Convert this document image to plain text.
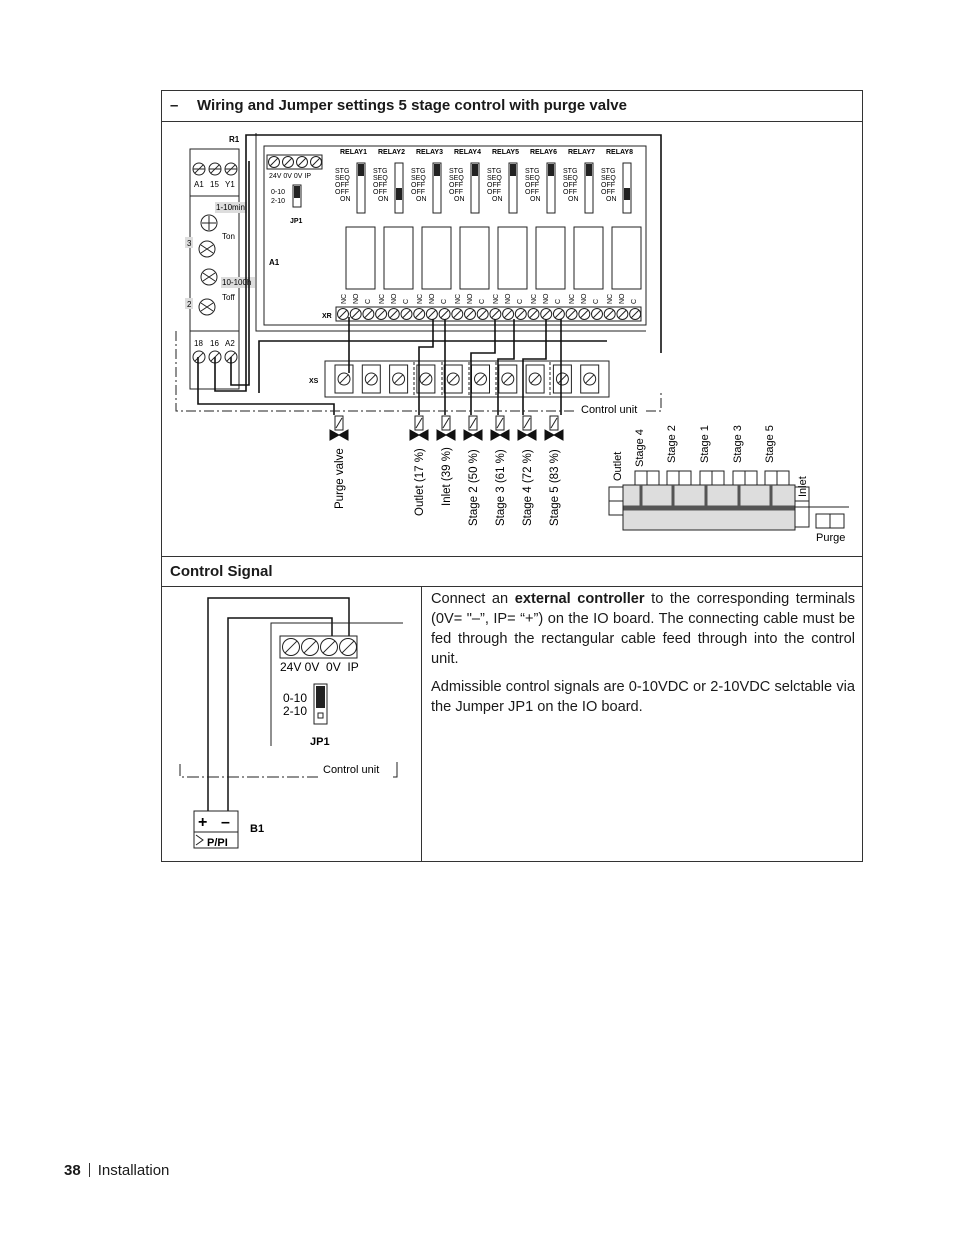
– Wiring and Jumper settings 5 stage control with purge valve
R1
A1 15 Y1
18 16 A2
1-10min
Ton
3
10-100h
Toff
2
A1
24V 0V 0V IP
0-10
2-10
JP1
RELAY1
STG
SEQ
OFF
OFF
ON
NC NO C
RELAY2
STG
SEQ
OFF
OFF
ON
NC NO C
RELAY3
STG
SEQ
OFF
OFF
ON
NC NO C
RELAY4
STG
SEQ
OFF
OFF
ON
NC NO C
RELAY5
STG
SEQ
OFF
OFF
ON
NC NO C
RELAY6
STG
SEQ
OFF
OFF
ON
NC NO C
RELAY7
STG
SEQ
OFF
OFF
ON
NC NO C
RELAY8
STG
SEQ
OFF
OFF
ON
NC NO C
XR
XS
Control unit
Purge valve	Outlet (17 %) Inlet (39 %) Stage 2 (50 %) Stage 3 (61 %) Stage 4 (72 %) Stage 5 (83 %)	Outlet Stage 4 Stage 2 Stage 1 Stage 3 Stage 5
Inlet
Purge
Control Signal
24V 0V  0V  IP
0-10
2-10
JP1
Control unit
+ –
P/PI
B1
Connect an external controller to the corresponding terminals (0V= "–”, IP= “+”) on the IO board. The connecting cable must be fed through the rectangular cable feed through into the control unit.
Admissible control signals are 0-10VDC or 2-10VDC selctable via the Jumper JP1 on the IO board.
38 Installation
